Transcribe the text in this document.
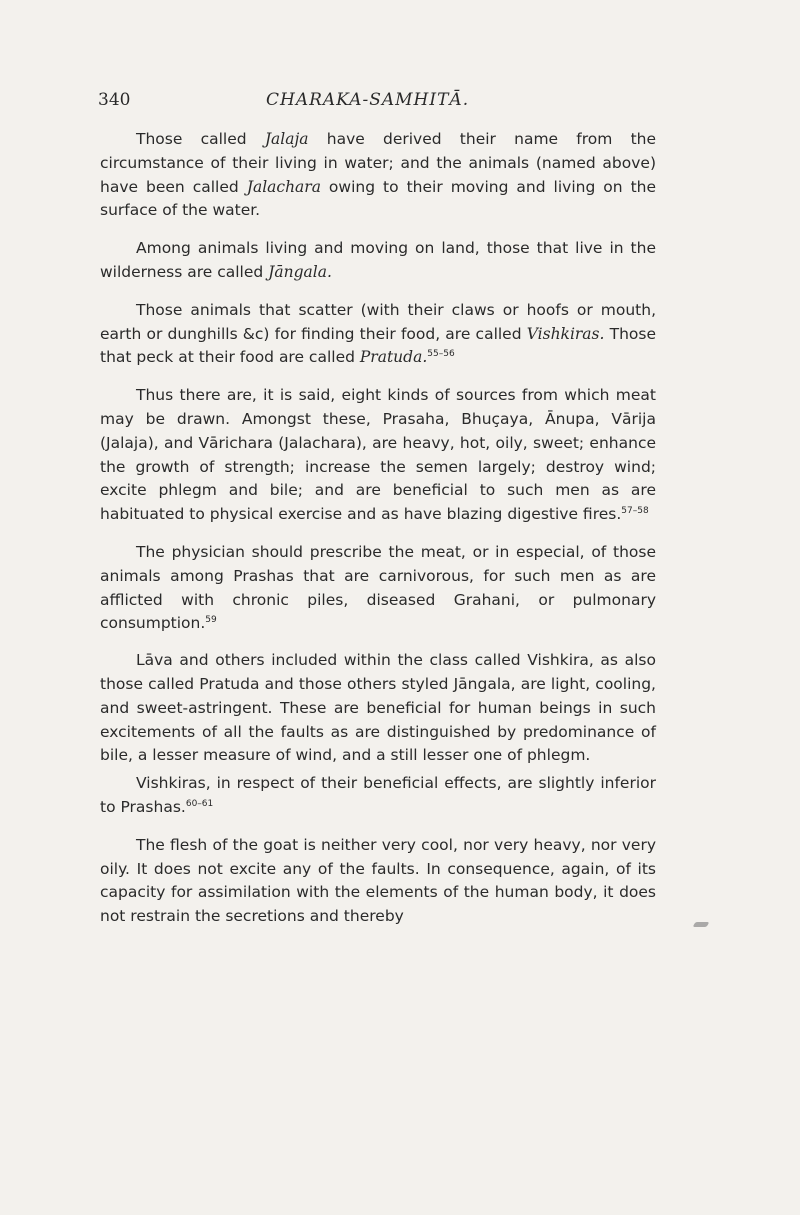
340	CHARAKA-SAMHITĀ.

Those called Jalaja have derived their name from the circumstance of their living in water; and the animals (named above) have been called Jalachara owing to their moving and living on the surface of the water.

Among animals living and moving on land, those that live in the wilderness are called Jāngala.

Those animals that scatter (with their claws or hoofs or mouth, earth or dunghills &c) for finding their food, are called Vishkiras. Those that peck at their food are called Pratuda.$^{55-56}$

Thus there are, it is said, eight kinds of sources from which meat may be drawn. Amongst these, Prasaha, Bhuçaya, Ānupa, Vārija (Jalaja), and Vārichara (Jalachara), are heavy, hot, oily, sweet; enhance the growth of strength; increase the semen largely; destroy wind; excite phlegm and bile; and are beneficial to such men as are habituated to physical exercise and as have blazing digestive fires.$^{57-58}$

The physician should prescribe the meat, or in especial, of those animals among Prashas that are carnivorous, for such men as are afflicted with chronic piles, diseased Grahani, or pulmonary consumption.$^{59}$

Lāva and others included within the class called Vishkira, as also those called Pratuda and those others styled Jāngala, are light, cooling, and sweet-astringent. These are beneficial for human beings in such excitements of all the faults as are distinguished by predominance of bile, a lesser measure of wind, and a still lesser one of phlegm.

Vishkiras, in respect of their beneficial effects, are slightly inferior to Prashas.$^{60-61}$

The flesh of the goat is neither very cool, nor very heavy, nor very oily. It does not excite any of the faults. In consequence, again, of its capacity for assimilation with the elements of the human body, it does not restrain the secretions and thereby
